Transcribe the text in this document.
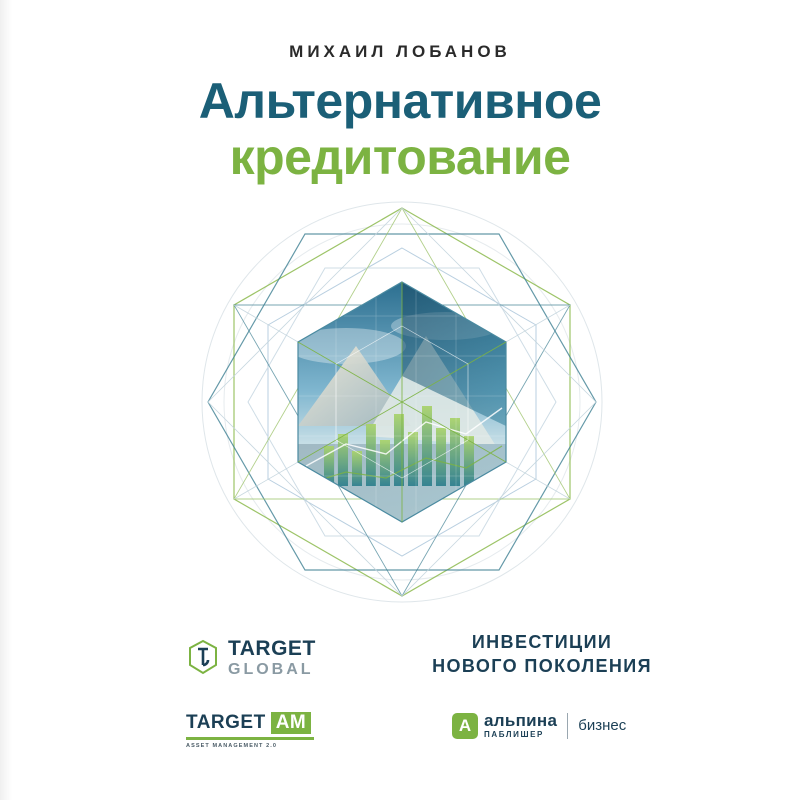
МИХАИЛ ЛОБАНОВ
Альтернативное
кредитование
ИНВЕСТИЦИИ
НОВОГО ПОКОЛЕНИЯ
TARGET
GLOBAL
TARGET AM
ASSET MANAGEMENT 2.0
А альпина
ПАБЛИШЕР
бизнес
